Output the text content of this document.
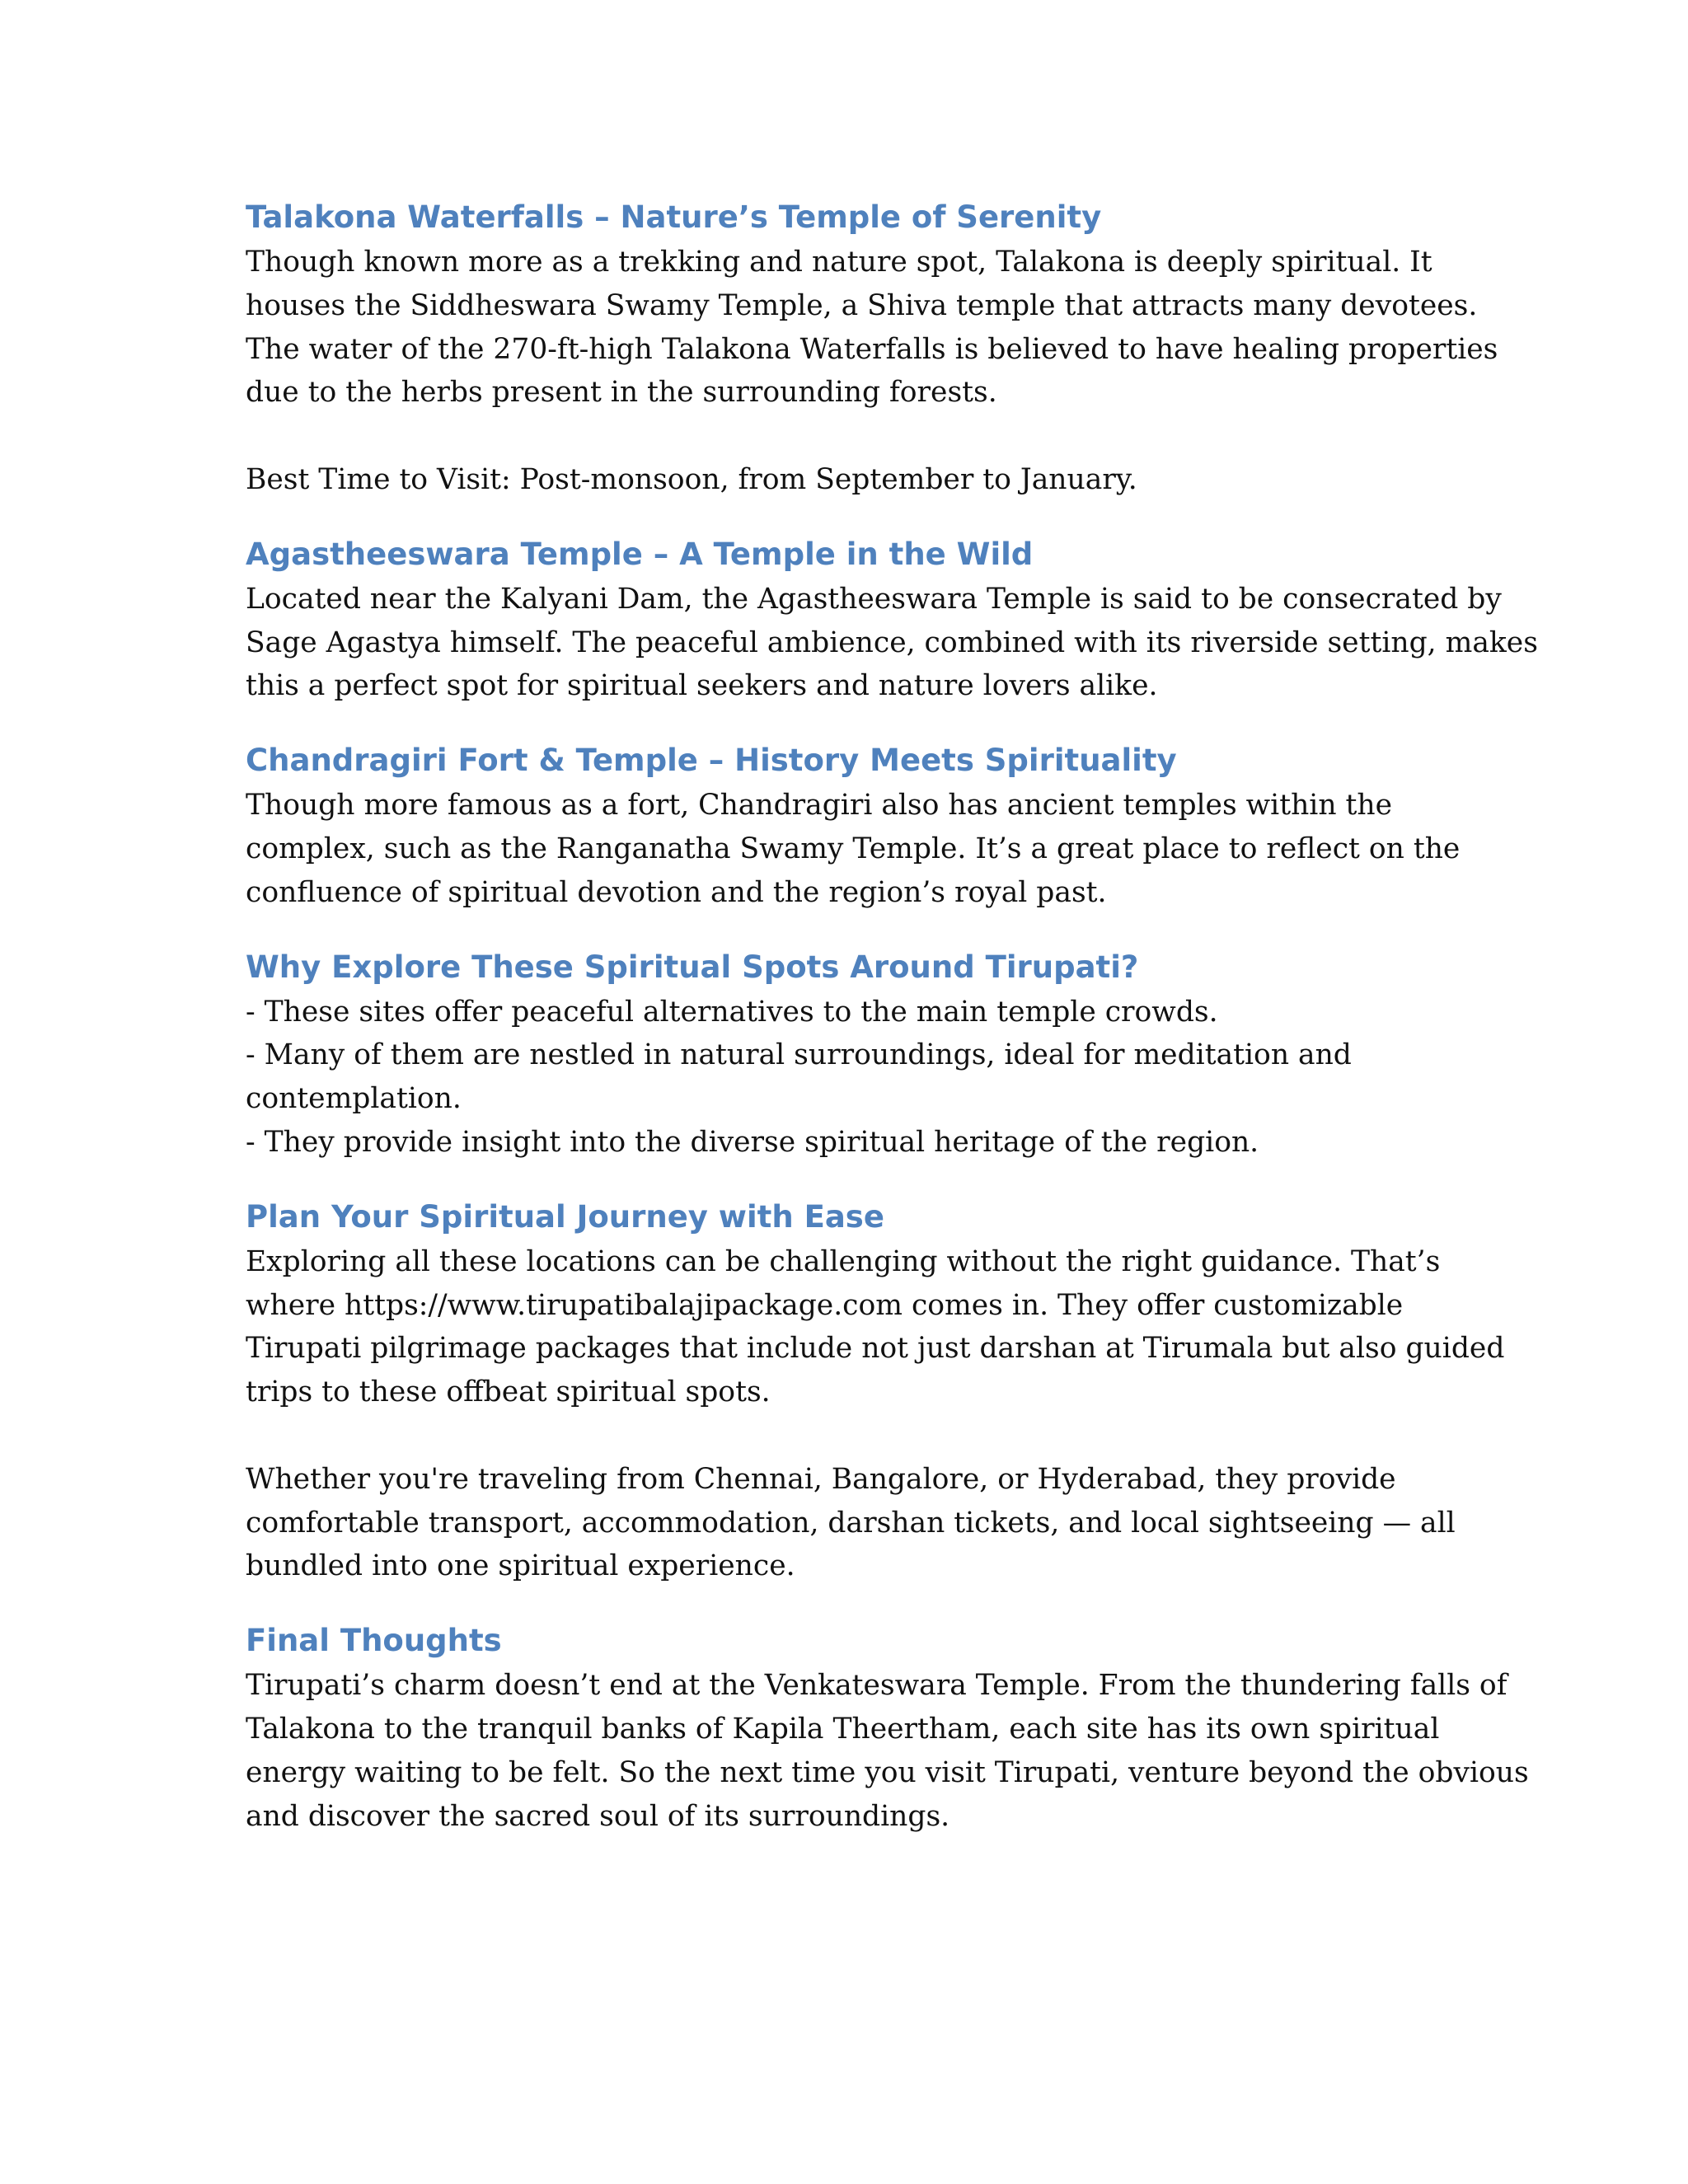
Talakona Waterfalls – Nature’s Temple of Serenity
Though known more as a trekking and nature spot, Talakona is deeply spiritual. It
houses the Siddheswara Swamy Temple, a Shiva temple that attracts many devotees.
The water of the 270-ft-high Talakona Waterfalls is believed to have healing properties
due to the herbs present in the surrounding forests.
Best Time to Visit: Post-monsoon, from September to January.
Agastheeswara Temple – A Temple in the Wild
Located near the Kalyani Dam, the Agastheeswara Temple is said to be consecrated by
Sage Agastya himself. The peaceful ambience, combined with its riverside setting, makes
this a perfect spot for spiritual seekers and nature lovers alike.
Chandragiri Fort & Temple – History Meets Spirituality
Though more famous as a fort, Chandragiri also has ancient temples within the
complex, such as the Ranganatha Swamy Temple. It’s a great place to reflect on the
confluence of spiritual devotion and the region’s royal past.
Why Explore These Spiritual Spots Around Tirupati?
- These sites offer peaceful alternatives to the main temple crowds.
- Many of them are nestled in natural surroundings, ideal for meditation and
contemplation.
- They provide insight into the diverse spiritual heritage of the region.
Plan Your Spiritual Journey with Ease
Exploring all these locations can be challenging without the right guidance. That’s
where https://www.tirupatibalajipackage.com comes in. They offer customizable
Tirupati pilgrimage packages that include not just darshan at Tirumala but also guided
trips to these offbeat spiritual spots.
Whether you're traveling from Chennai, Bangalore, or Hyderabad, they provide
comfortable transport, accommodation, darshan tickets, and local sightseeing — all
bundled into one spiritual experience.
Final Thoughts
Tirupati’s charm doesn’t end at the Venkateswara Temple. From the thundering falls of
Talakona to the tranquil banks of Kapila Theertham, each site has its own spiritual
energy waiting to be felt. So the next time you visit Tirupati, venture beyond the obvious
and discover the sacred soul of its surroundings.
